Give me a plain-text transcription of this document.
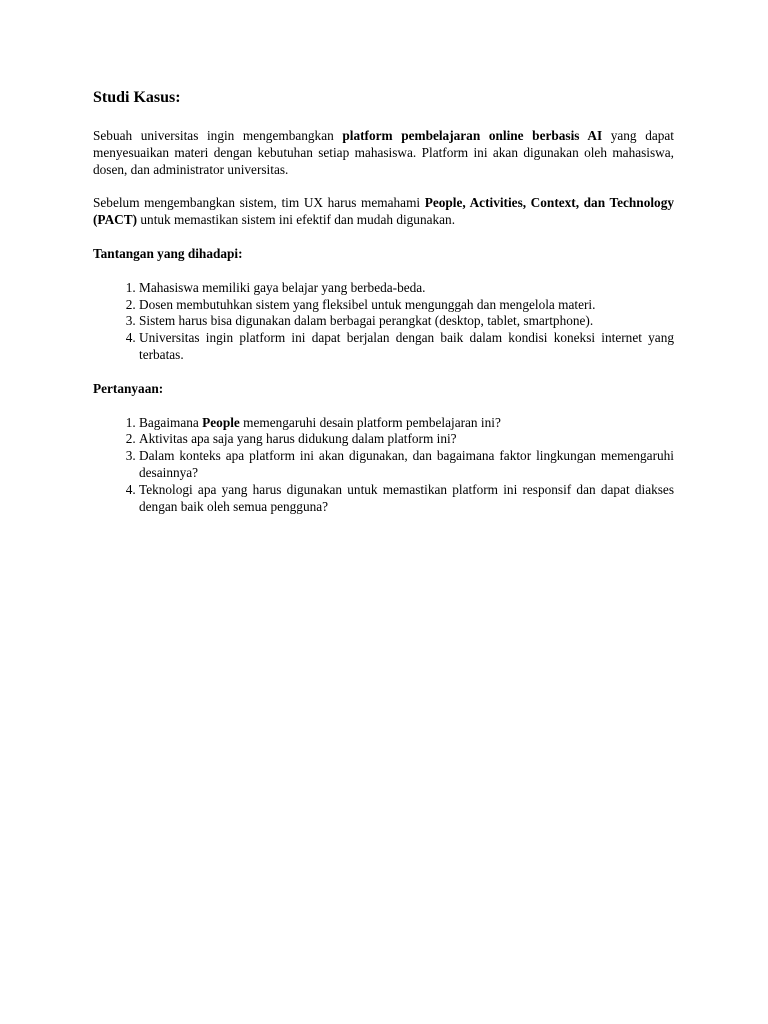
Studi Kasus:

Sebuah universitas ingin mengembangkan platform pembelajaran online berbasis AI yang dapat menyesuaikan materi dengan kebutuhan setiap mahasiswa. Platform ini akan digunakan oleh mahasiswa, dosen, dan administrator universitas.

Sebelum mengembangkan sistem, tim UX harus memahami People, Activities, Context, dan Technology (PACT) untuk memastikan sistem ini efektif dan mudah digunakan.

Tantangan yang dihadapi:
1. Mahasiswa memiliki gaya belajar yang berbeda-beda.
2. Dosen membutuhkan sistem yang fleksibel untuk mengunggah dan mengelola materi.
3. Sistem harus bisa digunakan dalam berbagai perangkat (desktop, tablet, smartphone).
4. Universitas ingin platform ini dapat berjalan dengan baik dalam kondisi koneksi internet yang terbatas.
Pertanyaan:
1. Bagaimana People memengaruhi desain platform pembelajaran ini?
2. Aktivitas apa saja yang harus didukung dalam platform ini?
3. Dalam konteks apa platform ini akan digunakan, dan bagaimana faktor lingkungan memengaruhi desainnya?
4. Teknologi apa yang harus digunakan untuk memastikan platform ini responsif dan dapat diakses dengan baik oleh semua pengguna?
